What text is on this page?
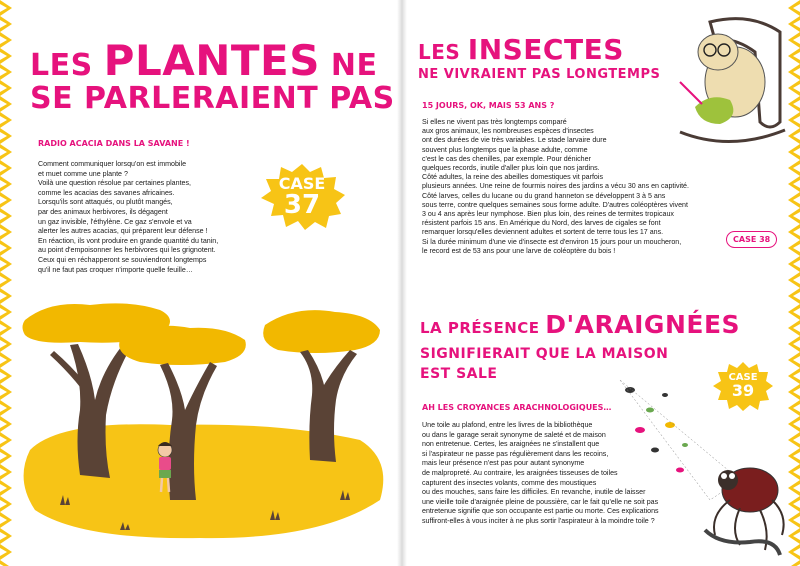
LES PLANTES NE
SE PARLERAIENT PAS
RADIO ACACIA DANS LA SAVANE !
Comment communiquer lorsqu'on est immobile
et muet comme une plante ?
Voilà une question résolue par certaines plantes,
comme les acacias des savanes africaines.
Lorsqu'ils sont attaqués, ou plutôt mangés,
par des animaux herbivores, ils dégagent
un gaz invisible, l'éthylène. Ce gaz s'envole et va
alerter les autres acacias, qui préparent leur défense !
En réaction, ils vont produire en grande quantité du tanin,
au point d'empoisonner les herbivores qui les grignotent.
Ceux qui en réchapperont se souviendront longtemps
qu'il ne faut pas croquer n'importe quelle feuille…
CASE
37
LES INSECTES
NE VIVRAIENT PAS LONGTEMPS
15 JOURS, OK, MAIS 53 ANS ?
Si elles ne vivent pas très longtemps comparé
aux gros animaux, les nombreuses espèces d'insectes
ont des durées de vie très variables. Le stade larvaire dure
souvent plus longtemps que la phase adulte, comme
c'est le cas des chenilles, par exemple. Pour dénicher
quelques records, inutile d'aller plus loin que nos jardins.
Côté adultes, la reine des abeilles domestiques vit parfois
plusieurs années. Une reine de fourmis noires des jardins a vécu 30 ans en captivité.
Côté larves, celles du lucane ou du grand hanneton se développent 3 à 5 ans
sous terre, contre quelques semaines sous forme adulte. D'autres coléoptères vivent
3 ou 4 ans après leur nymphose. Bien plus loin, des reines de termites tropicaux
résistent parfois 15 ans. En Amérique du Nord, des larves de cigales se font
remarquer lorsqu'elles deviennent adultes et sortent de terre tous les 17 ans.
Si la durée minimum d'une vie d'insecte est d'environ 15 jours pour un moucheron,
le record est de 53 ans pour une larve de coléoptère du bois !
CASE 38
LA PRÉSENCE D'ARAIGNÉES
SIGNIFIERAIT QUE LA MAISON
EST SALE	CASE
39
AH LES CROYANCES ARACHNOLOGIQUES…
Une toile au plafond, entre les livres de la bibliothèque
ou dans le garage serait synonyme de saleté et de maison
non entretenue. Certes, les araignées ne s'installent que
si l'aspirateur ne passe pas régulièrement dans les recoins,
mais leur présence n'est pas pour autant synonyme
de malpropreté. Au contraire, les araignées tisseuses de toiles
capturent des insectes volants, comme des moustiques
ou des mouches, sans faire les difficiles. En revanche, inutile de laisser
une vieille toile d'araignée pleine de poussière, car le fait qu'elle ne soit pas
entretenue signifie que son occupante est partie ou morte. Ces explications
suffiront-elles à vous inciter à ne plus sortir l'aspirateur à la moindre toile ?
